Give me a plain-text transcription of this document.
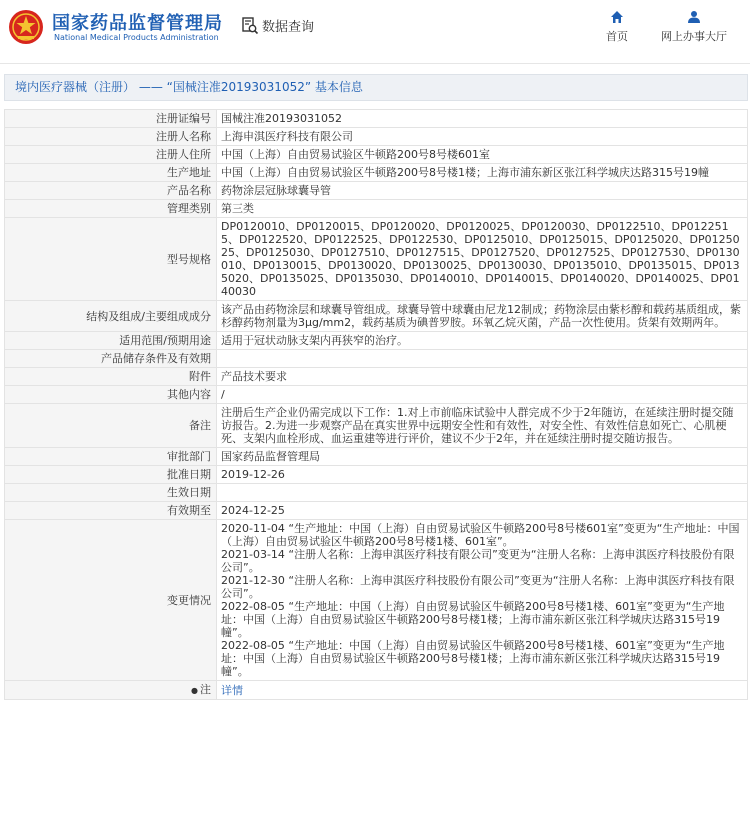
国家药品监督管理局
National Medical Products Administration
数据查询
首页	网上办事大厅
境内医疗器械（注册） —— “国械注准20193031052” 基本信息
注册证编号	国械注准20193031052
注册人名称	上海申淇医疗科技有限公司
注册人住所	中国（上海）自由贸易试验区牛顿路200号8号楼601室
生产地址	中国（上海）自由贸易试验区牛顿路200号8号楼1楼；上海市浦东新区张江科学城庆达路315号19幢
产品名称	药物涂层冠脉球囊导管
管理类别	第三类
型号规格	DP0120010、DP0120015、DP0120020、DP0120025、DP0120030、DP0122510、DP0122515、DP0122520、DP0122525、DP0122530、DP0125010、DP0125015、DP0125020、DP0125025、DP0125030、DP0127510、DP0127515、DP0127520、DP0127525、DP0127530、DP0130010、DP0130015、DP0130020、DP0130025、DP0130030、DP0135010、DP0135015、DP0135020、DP0135025、DP0135030、DP0140010、DP0140015、DP0140020、DP0140025、DP0140030
结构及组成/主要组成成分	该产品由药物涂层和球囊导管组成。球囊导管中球囊由尼龙12制成；药物涂层由紫杉醇和载药基质组成，紫杉醇药物剂量为3μg/mm2，载药基质为碘普罗胺。环氧乙烷灭菌，产品一次性使用。货架有效期两年。
适用范围/预期用途	适用于冠状动脉支架内再狭窄的治疗。
产品储存条件及有效期	
附件	产品技术要求
其他内容	/
备注	注册后生产企业仍需完成以下工作：1.对上市前临床试验中人群完成不少于2年随访，在延续注册时提交随访报告。2.为进一步观察产品在真实世界中远期安全性和有效性，对安全性、有效性信息如死亡、心肌梗死、支架内血栓形成、血运重建等进行评价，建议不少于2年，并在延续注册时提交随访报告。
审批部门	国家药品监督管理局
批准日期	2019-12-26
生效日期	
有效期至	2024-12-25
变更情况	2020-11-04 “生产地址：中国（上海）自由贸易试验区牛顿路200号8号楼601室”变更为“生产地址：中国（上海）自由贸易试验区牛顿路200号8号楼1楼、601室”。
2021-03-14 “注册人名称：上海申淇医疗科技有限公司”变更为“注册人名称：上海申淇医疗科技股份有限公司”。
2021-12-30 “注册人名称：上海申淇医疗科技股份有限公司”变更为“注册人名称：上海申淇医疗科技有限公司”。
2022-08-05 “生产地址：中国（上海）自由贸易试验区牛顿路200号8号楼1楼、601室”变更为“生产地址：中国（上海）自由贸易试验区牛顿路200号8号楼1楼；上海市浦东新区张江科学城庆达路315号19幢”。
2022-08-05 “生产地址：中国（上海）自由贸易试验区牛顿路200号8号楼1楼、601室”变更为“生产地址：中国（上海）自由贸易试验区牛顿路200号8号楼1楼；上海市浦东新区张江科学城庆达路315号19幢”。

● 注	详情
